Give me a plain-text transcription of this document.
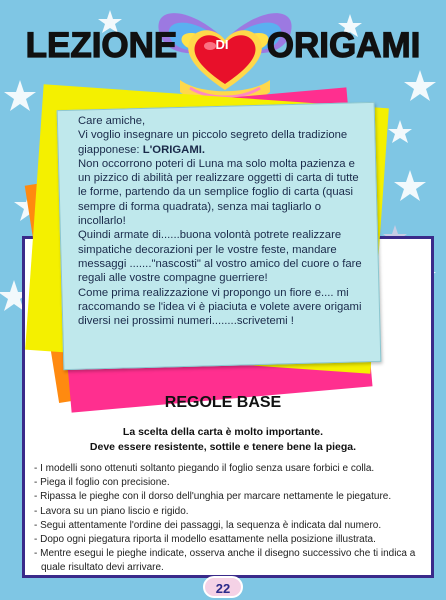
LEZIONE	$^{DI}$ ORIGAMI

Care amiche,

Vi voglio insegnare un piccolo segreto della tradizione giapponese: L'ORIGAMI.

Non occorrono poteri di Luna ma solo molta pazienza e un pizzico di abilità per realizzare oggetti di carta di tutte le forme, partendo da un semplice foglio di carta (quasi sempre di forma quadrata), senza mai tagliarlo o incollarlo!

Quindi armate di......buona volontà potrete realizzare simpatiche decorazioni per le vostre feste, mandare messaggi ......."nascosti" al vostro amico del cuore o fare regali alle vostre compagne guerriere!

Come prima realizzazione vi propongo un fiore e.... mi raccomando se l'idea vi è piaciuta e volete avere origami diversi nei prossimi numeri........scrivetemi !

REGOLE BASE
La scelta della carta è molto importante.
Deve essere resistente, sottile e tenere bene la piega.
- I modelli sono ottenuti soltanto piegando il foglio senza usare forbici e colla.
- Piega il foglio con precisione.
- Ripassa le pieghe con il dorso dell'unghia per marcare nettamente le piegature.
- Lavora su un piano liscio e rigido.
- Segui attentamente l'ordine dei passaggi, la sequenza è indicata dal numero.
- Dopo ogni piegatura riporta il modello esattamente nella posizione illustrata.
- Mentre esegui le pieghe indicate, osserva anche il disegno successivo che ti indica a quale risultato devi arrivare.
22
